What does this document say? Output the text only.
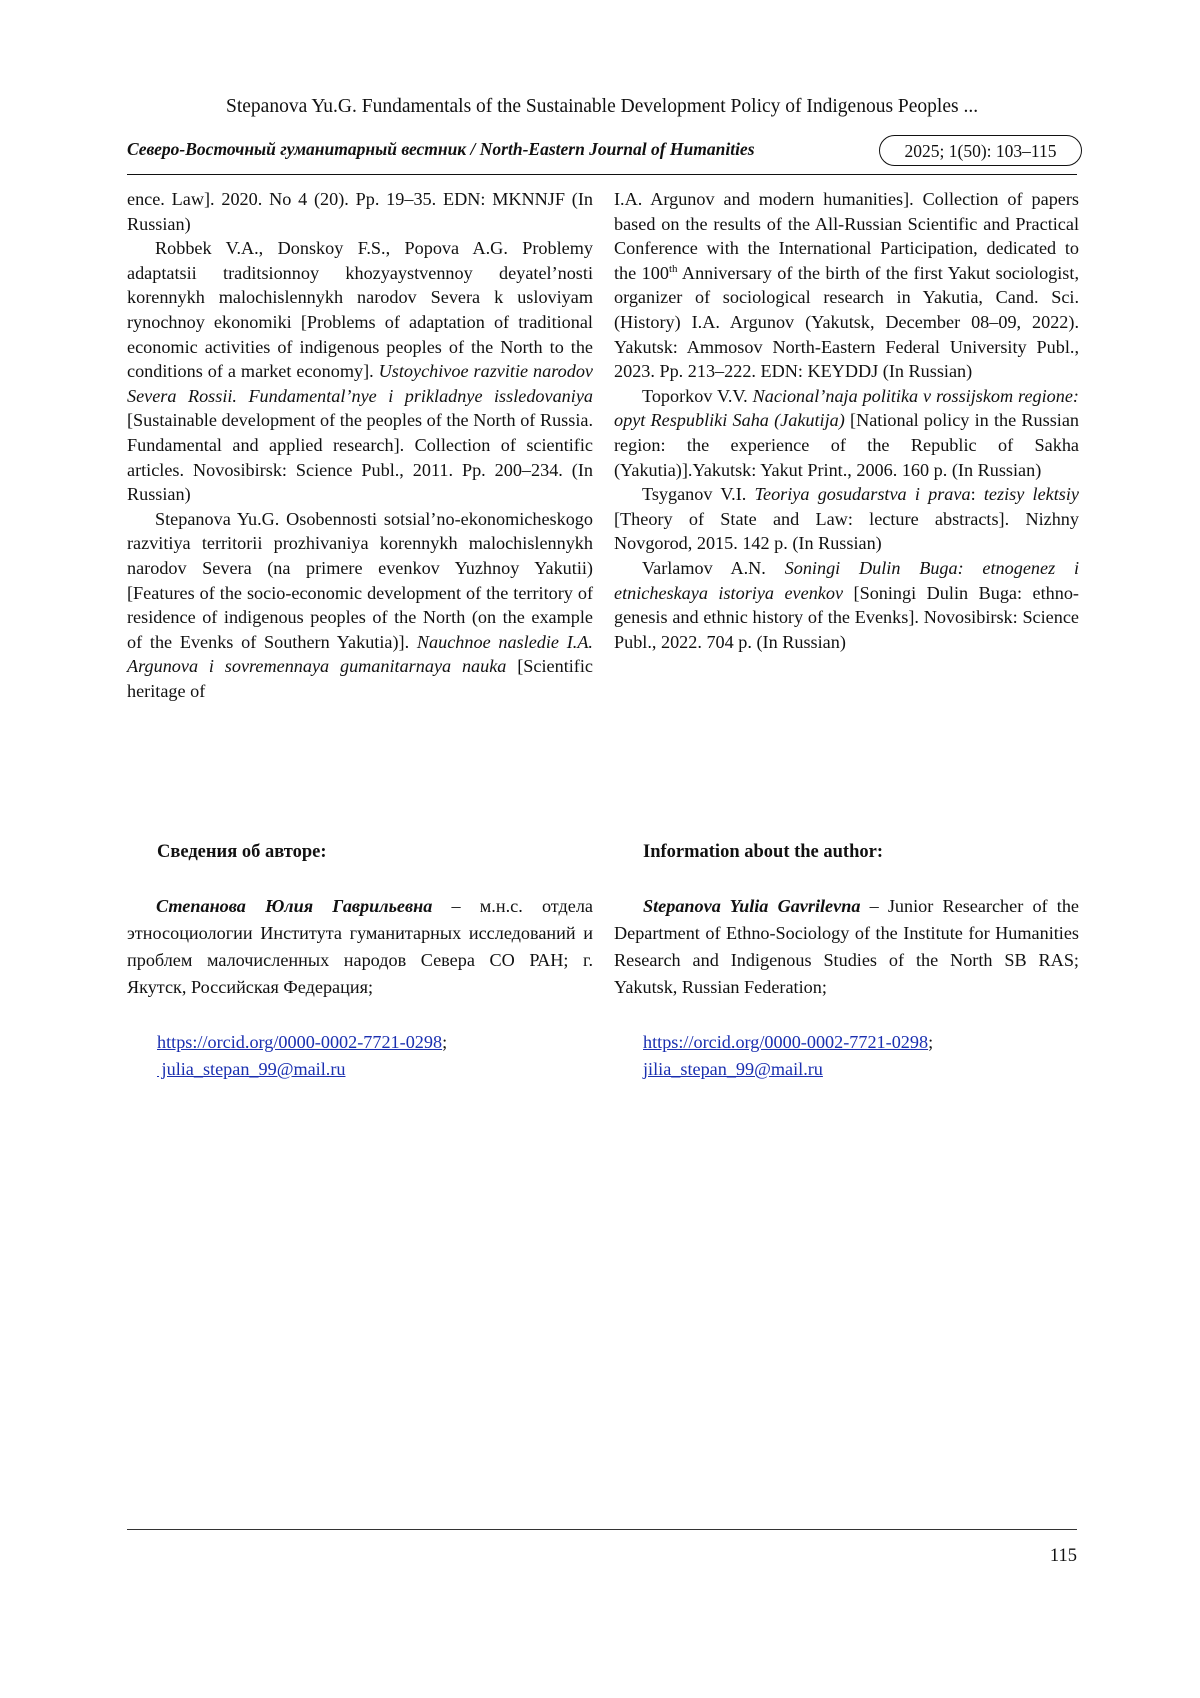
Stepanova Yu.G. Fundamentals of the Sustainable Development Policy of Indigenous Peoples ...
Северо-Восточный гуманитарный вестник / North-Eastern Journal of Humanities	2025; 1(50): 103–115

ence. Law]. 2020. No 4 (20). Pp. 19–35. EDN: MKNNJF (In Russian)

Robbek V.A., Donskoy F.S., Popova A.G. Problemy adaptatsii traditsionnoy khozyaystvennoy deyatel’nosti korennykh malochislennykh narodov Severa k usloviyam rynochnoy ekonomiki [Problems of adaptation of traditional economic activities of indigenous peoples of the North to the conditions of a market economy]. Ustoychivoe razvitie narodov Severa Rossii. Fundamental’nye i prikladnye issledovaniya [Sustainable development of the peoples of the North of Russia. Fundamental and applied research]. Collection of scientific articles. Novosibirsk: Science Publ., 2011. Pp. 200–234. (In Russian)

Stepanova Yu.G. Osobennosti sotsial’no-ekonomicheskogo razvitiya territorii prozhivaniya korennykh malochislennykh narodov Severa (na primere evenkov Yuzhnoy Yakutii) [Features of the socio-economic development of the territory of residence of indigenous peoples of the North (on the example of the Evenks of Southern Yakutia)]. Nauchnoe nasledie I.A. Argunova i sovremennaya gumanitarnaya nauka [Scientific heritage of

I.A. Argunov and modern humanities]. Collection of papers based on the results of the All-Russian Scientific and Practical Conference with the International Participation, dedicated to the 100th Anniversary of the birth of the first Yakut sociologist, organizer of sociological research in Yakutia, Cand. Sci. (History) I.A. Argunov (Yakutsk, December 08–09, 2022). Yakutsk: Ammosov North-Eastern Federal University Publ., 2023. Pp. 213–222. EDN: KEYDDJ (In Russian)

Toporkov V.V. Nacional’naja politika v rossijskom regione: opyt Respubliki Saha (Jakutija) [National policy in the Russian region: the experience of the Republic of Sakha (Yakutia)].Yakutsk: Yakut Print., 2006. 160 p. (In Russian)

Tsyganov V.I. Teoriya gosudarstva i prava: tezisy lektsiy [Theory of State and Law: lecture abstracts]. Nizhny Novgorod, 2015. 142 p. (In Russian)

Varlamov A.N. Soningi Dulin Buga: etnogenez i etnicheskaya istoriya evenkov [Soningi Dulin Buga: ethno-genesis and ethnic history of the Evenks]. Novosibirsk: Science Publ., 2022. 704 p. (In Russian)

Сведения об авторе:
Степанова Юлия Гаврильевна – м.н.с. отдела этносоциологии Института гуманитарных исследований и проблем малочисленных народов Севера СО РАН; г. Якутск, Российская Федерация;
https://orcid.org/0000-0002-7721-0298;
julia_stepan_99@mail.ru
Information about the author:
Stepanova Yulia Gavrilevna – Junior Researcher of the Department of Ethno-Sociology of the Institute for Humanities Research and Indigenous Studies of the North SB RAS; Yakutsk, Russian Federation;
https://orcid.org/0000-0002-7721-0298;
jilia_stepan_99@mail.ru
115
